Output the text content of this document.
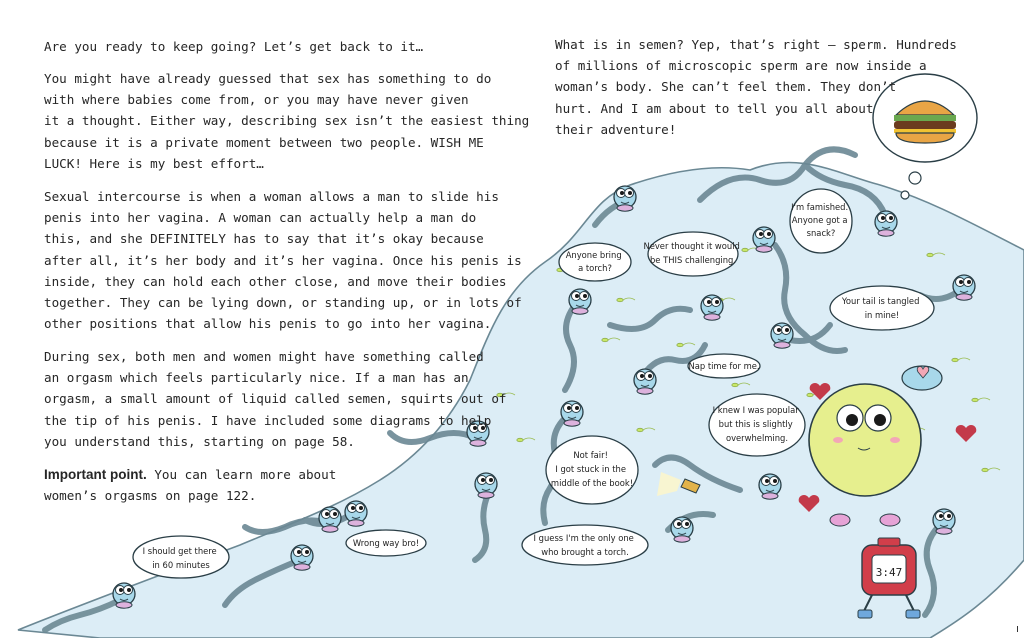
3:47
I should get there in 60 minutes
Wrong way bro!
Anyone bring a torch?
Never thought it would be THIS challenging.
I'm famished. Anyone got a snack?
Your tail is tangled in mine!
Nap time for me.
I knew I was popular but this is slightly overwhelming.
Not fair! I got stuck in the middle of the book!
I guess I'm the only one who brought a torch.

Are you ready to keep going? Let’s get back to it…

You might have already guessed that sex has something to do
with where babies come from, or you may have never given
it a thought. Either way, describing sex isn’t the easiest thing
because it is a private moment between two people. WISH ME
LUCK! Here is my best effort…

Sexual intercourse is when a woman allows a man to slide his
penis into her vagina. A woman can actually help a man do
this, and she DEFINITELY has to say that it’s okay because
after all, it’s her body and it’s her vagina. Once his penis is
inside, they can hold each other close, and move their bodies
together. They can be lying down, or standing up, or in lots of
other positions that allow his penis to go into her vagina.

During sex, both men and women might have something called
an orgasm which feels particularly nice. If a man has an
orgasm, a small amount of liquid called semen, squirts out of
the tip of his penis. I have included some diagrams to help
you understand this, starting on page 58.

Important point. You can learn more about
women’s orgasms on page 122.

What is in semen? Yep, that’s right – sperm. Hundreds
of millions of microscopic sperm are now inside a
woman’s body. She can’t feel them. They don’t
hurt. And I am about to tell you all about
their adventure!
